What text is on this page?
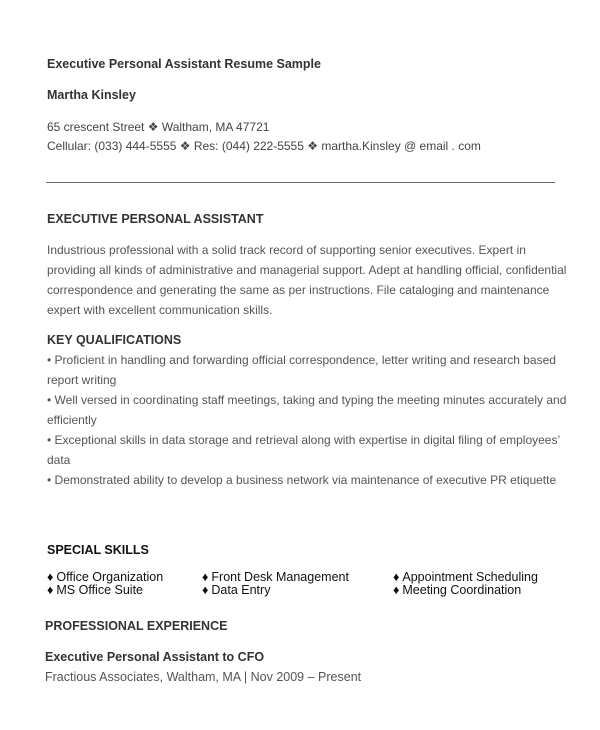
Executive Personal Assistant Resume Sample
Martha Kinsley
65 crescent Street ❖ Waltham, MA 47721
Cellular: (033) 444-5555 ❖ Res: (044) 222-5555 ❖ martha.Kinsley @ email . com
EXECUTIVE PERSONAL ASSISTANT
Industrious professional with a solid track record of supporting senior executives. Expert in
providing all kinds of administrative and managerial support. Adept at handling official, confidential
correspondence and generating the same as per instructions. File cataloging and maintenance
expert with excellent communication skills.
KEY QUALIFICATIONS
• Proficient in handling and forwarding official correspondence, letter writing and research based
report writing
• Well versed in coordinating staff meetings, taking and typing the meeting minutes accurately and
efficiently
• Exceptional skills in data storage and retrieval along with expertise in digital filing of employees’
data
• Demonstrated ability to develop a business network via maintenance of executive PR etiquette
SPECIAL SKILLS
♦ Office Organization	♦ Front Desk Management	♦ Appointment Scheduling
♦ MS Office Suite	♦ Data Entry	♦ Meeting Coordination
PROFESSIONAL EXPERIENCE
Executive Personal Assistant to CFO
Fractious Associates, Waltham, MA | Nov 2009 – Present
